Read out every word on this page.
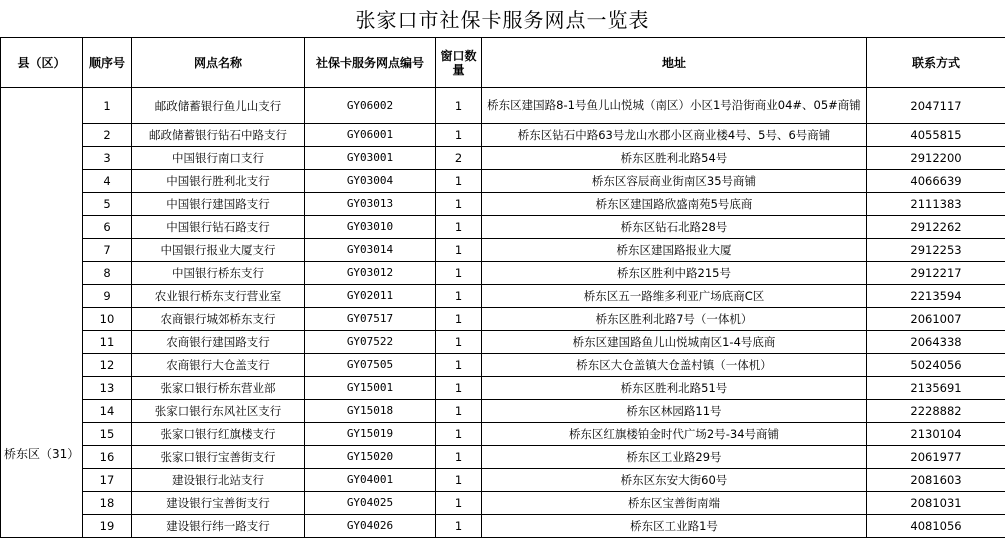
张家口市社保卡服务网点一览表
县（区）	顺序号	网点名称	社保卡服务网点编号	窗口数量	地址	联系方式
桥东区（31）	1	邮政储蓄银行鱼儿山支行	GY06002	1	桥东区建国路8-1号鱼儿山悦城（南区）小区1号沿街商业04#、05#商铺	2047117
	2	邮政储蓄银行钻石中路支行	GY06001	1	桥东区钻石中路63号龙山水郡小区商业楼4号、5号、6号商铺	4055815
	3	中国银行南口支行	GY03001	2	桥东区胜利北路54号	2912200
	4	中国银行胜利北支行	GY03004	1	桥东区容辰商业街南区35号商铺	4066639
	5	中国银行建国路支行	GY03013	1	桥东区建国路欣盛南苑5号底商	2111383
	6	中国银行钻石路支行	GY03010	1	桥东区钻石北路28号	2912262
	7	中国银行报业大厦支行	GY03014	1	桥东区建国路报业大厦	2912253
	8	中国银行桥东支行	GY03012	1	桥东区胜利中路215号	2912217
	9	农业银行桥东支行营业室	GY02011	1	桥东区五一路维多利亚广场底商C区	2213594
	10	农商银行城郊桥东支行	GY07517	1	桥东区胜利北路7号（一体机）	2061007
	11	农商银行建国路支行	GY07522	1	桥东区建国路鱼儿山悦城南区1-4号底商	2064338
	12	农商银行大仓盖支行	GY07505	1	桥东区大仓盖镇大仓盖村镇（一体机）	5024056
	13	张家口银行桥东营业部	GY15001	1	桥东区胜利北路51号	2135691
	14	张家口银行东风社区支行	GY15018	1	桥东区林园路11号	2228882
	15	张家口银行红旗楼支行	GY15019	1	桥东区红旗楼铂金时代广场2号-34号商铺	2130104
	16	张家口银行宝善街支行	GY15020	1	桥东区工业路29号	2061977
	17	建设银行北站支行	GY04001	1	桥东区东安大街60号	2081603
	18	建设银行宝善街支行	GY04025	1	桥东区宝善街南端	2081031
	19	建设银行纬一路支行	GY04026	1	桥东区工业路1号	4081056
